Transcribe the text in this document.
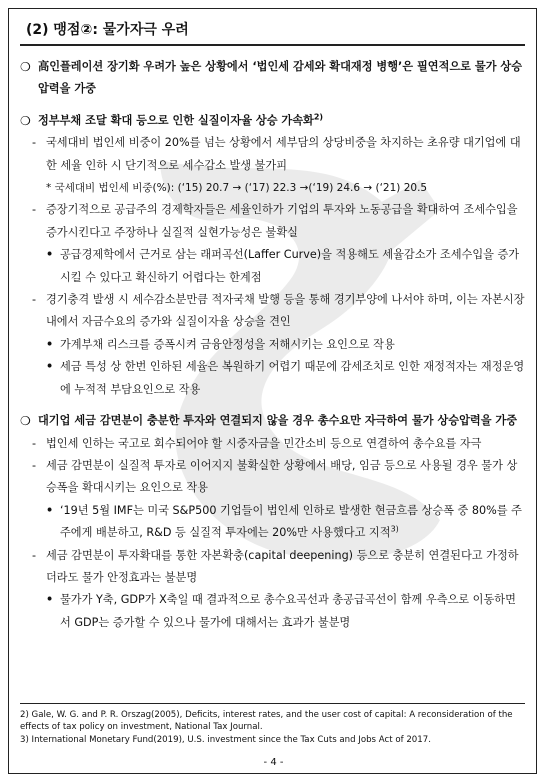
(2) 맹점②: 물가자극 우려
❍ 高인플레이션 장기화 우려가 높은 상황에서 ‘법인세 감세와 확대재정 병행’은 필연적으로 물가 상승압력을 가중
❍ 정부부채 조달 확대 등으로 인한 실질이자율 상승 가속화$^{2)}$
- 국세대비 법인세 비중이 20%를 넘는 상황에서 세부담의 상당비중을 차지하는 초유량 대기업에 대한 세율 인하 시 단기적으로 세수감소 발생 불가피
* 국세대비 법인세 비중(%): (‘15) 20.7 → (‘17) 22.3 →(‘19) 24.6 → (‘21) 20.5
- 증장기적으로 공급주의 경제학자들은 세율인하가 기업의 투자와 노동공급을 확대하여 조세수입을 증가시킨다고 주장하나 실질적 실현가능성은 불확실
• 공급경제학에서 근거로 삼는 래퍼곡선(Laffer Curve)을 적용해도 세율감소가 조세수입을 증가시킬 수 있다고 확신하기 어렵다는 한계점
- 경기충격 발생 시 세수감소분만큼 적자국채 발행 등을 통해 경기부양에 나서야 하며, 이는 자본시장 내에서 자금수요의 증가와 실질이자율 상승을 견인
• 가계부채 리스크를 증폭시켜 금융안정성을 저해시키는 요인으로 작용
• 세금 특성 상 한번 인하된 세율은 복원하기 어렵기 때문에 감세조치로 인한 재정적자는 재정운영에 누적적 부담요인으로 작용
❍ 대기업 세금 감면분이 충분한 투자와 연결되지 않을 경우 총수요만 자극하여 물가 상승압력을 가중
- 법인세 인하는 국고로 회수되어야 할 시중자금을 민간소비 등으로 연결하여 총수요를 자극
- 세금 감면분이 실질적 투자로 이어지지 불확실한 상황에서 배당, 임금 등으로 사용될 경우 물가 상승폭을 확대시키는 요인으로 작용
• ‘19년 5월 IMF는 미국 S&P500 기업들이 법인세 인하로 발생한 현금흐름 상승폭 중 80%를 주주에게 배분하고, R&D 등 실질적 투자에는 20%만 사용했다고 지적$^{3)}$
- 세금 감면분이 투자확대를 통한 자본확충(capital deepening) 등으로 충분히 연결된다고 가정하더라도 물가 안정효과는 불분명
• 물가가 Y축, GDP가 X축일 때 결과적으로 총수요곡선과 총공급곡선이 함께 우측으로 이동하면서 GDP는 증가할 수 있으나 물가에 대해서는 효과가 불분명
2) Gale, W. G. and P. R. Orszag(2005), Deficits, interest rates, and the user cost of capital: A reconsideration of the effects of tax policy on investment, National Tax Journal.
3) International Monetary Fund(2019), U.S. investment since the Tax Cuts and Jobs Act of 2017.
- 4 -
